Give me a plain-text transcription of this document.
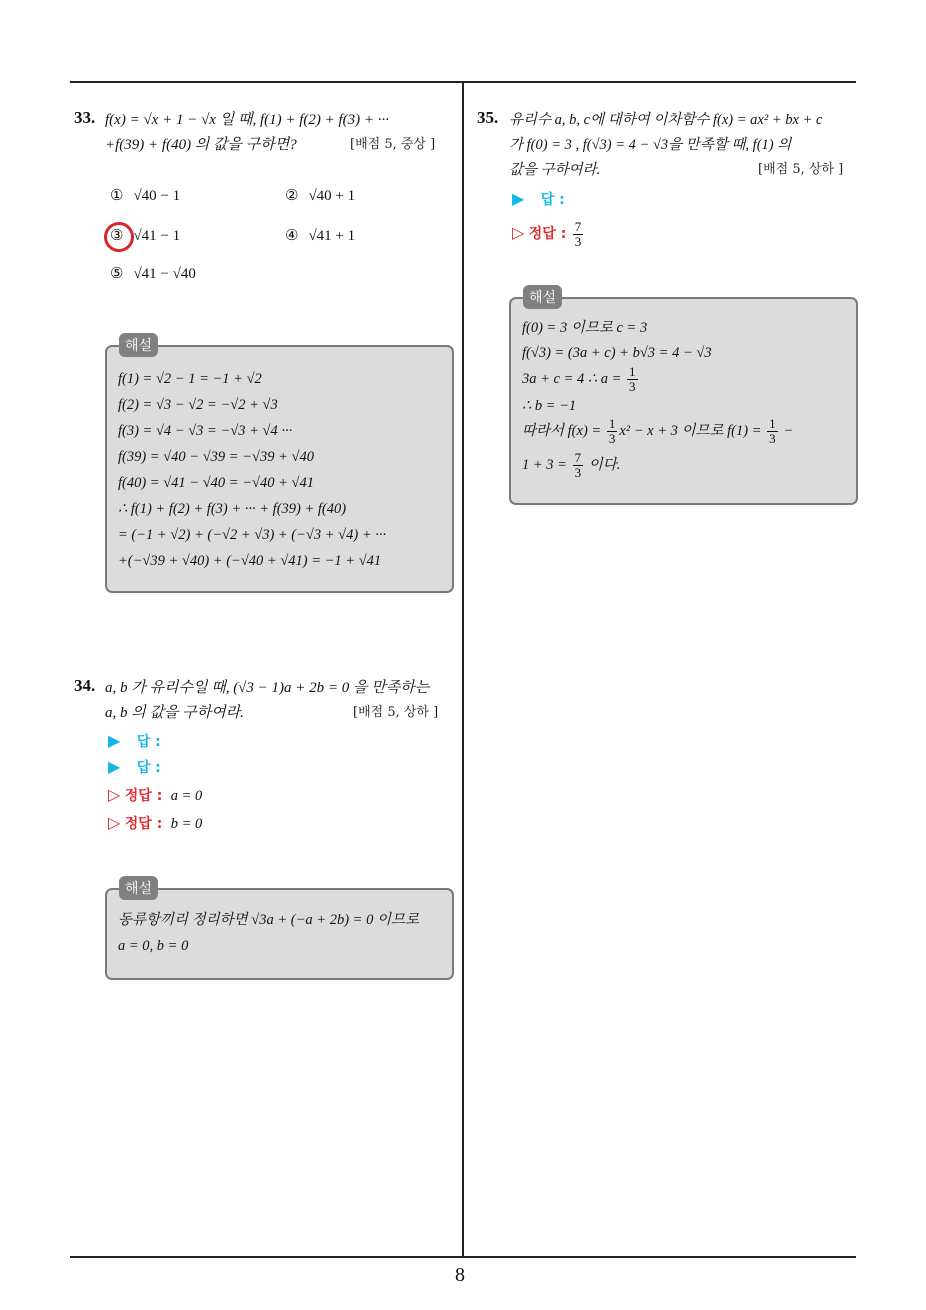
8
33. f(x) = √x + 1 − √x 일 때, f(1) + f(2) + f(3) + ···
+f(39) + f(40) 의 값을 구하면?	[배점 5, 중상 ]
① √40 − 1	② √40 + 1
③ √41 − 1	④ √41 + 1
⑤ √41 − √40
해설
f(1) = √2 − 1 = −1 + √2
f(2) = √3 − √2 = −√2 + √3
f(3) = √4 − √3 = −√3 + √4 ···
f(39) = √40 − √39 = −√39 + √40
f(40) = √41 − √40 = −√40 + √41
∴ f(1) + f(2) + f(3) + ··· + f(39) + f(40)
= (−1 + √2) + (−√2 + √3) + (−√3 + √4) + ···
+(−√39 + √40) + (−√40 + √41) = −1 + √41
34. a, b 가 유리수일 때, (√3 − 1)a + 2b = 0 을 만족하는
a, b 의 값을 구하여라.	[배점 5, 상하 ]
▶ 답 :
▶ 답 :
▷ 정답 : a = 0
▷ 정답 : b = 0
해설
동류항끼리 정리하면 √3a + (−a + 2b) = 0 이므로
a = 0, b = 0
35. 유리수 a, b, c에 대하여 이차함수 f(x) = ax² + bx + c
가 f(0) = 3 , f(√3) = 4 − √3을 만족할 때, f(1) 의
값을 구하여라.	[배점 5, 상하 ]
▶ 답 :
▷ 정답 : $\frac{7}{3}$
해설
f(0) = 3 이므로 c = 3
f(√3) = (3a + c) + b√3 = 4 − √3
3a + c = 4 ∴ $a = \frac{1}{3}$
∴ b = −1
따라서 $f(x) = \frac{1}{3} x^2 - x + 3$ 이므로 $f(1) = \frac{1}{3}$ −
$1 + 3 = \frac{7}{3}$ 이다.
